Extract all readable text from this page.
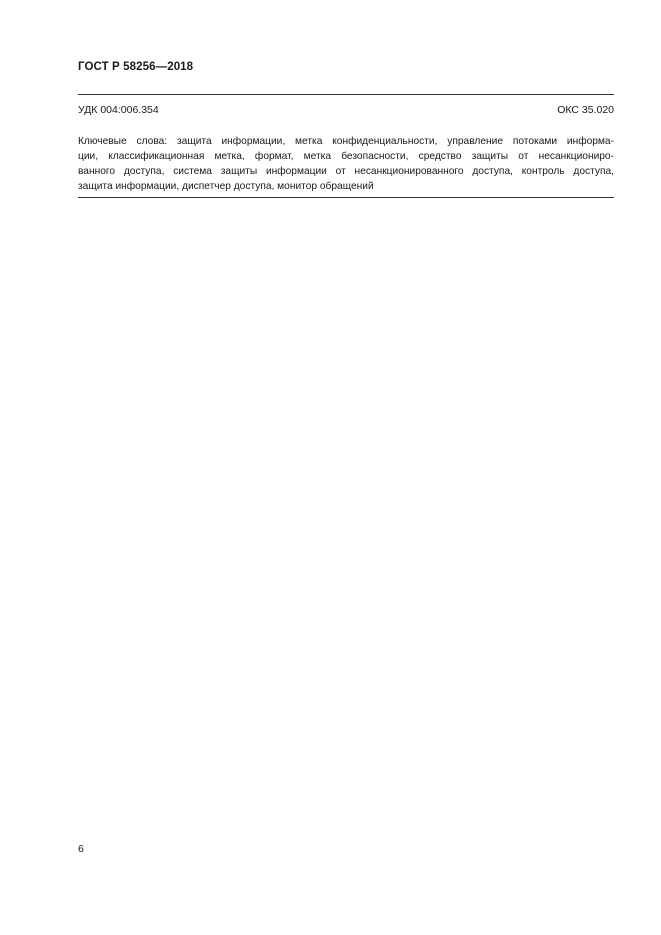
ГОСТ Р 58256—2018
УДК 004:006.354	ОКС 35.020
Ключевые слова: защита информации, метка конфиденциальности, управление потоками информа-
ции, классификационная метка, формат, метка безопасности, средство защиты от несанкциониро-
ванного доступа, система защиты информации от несанкционированного доступа, контроль доступа,
защита информации, диспетчер доступа, монитор обращений
6
